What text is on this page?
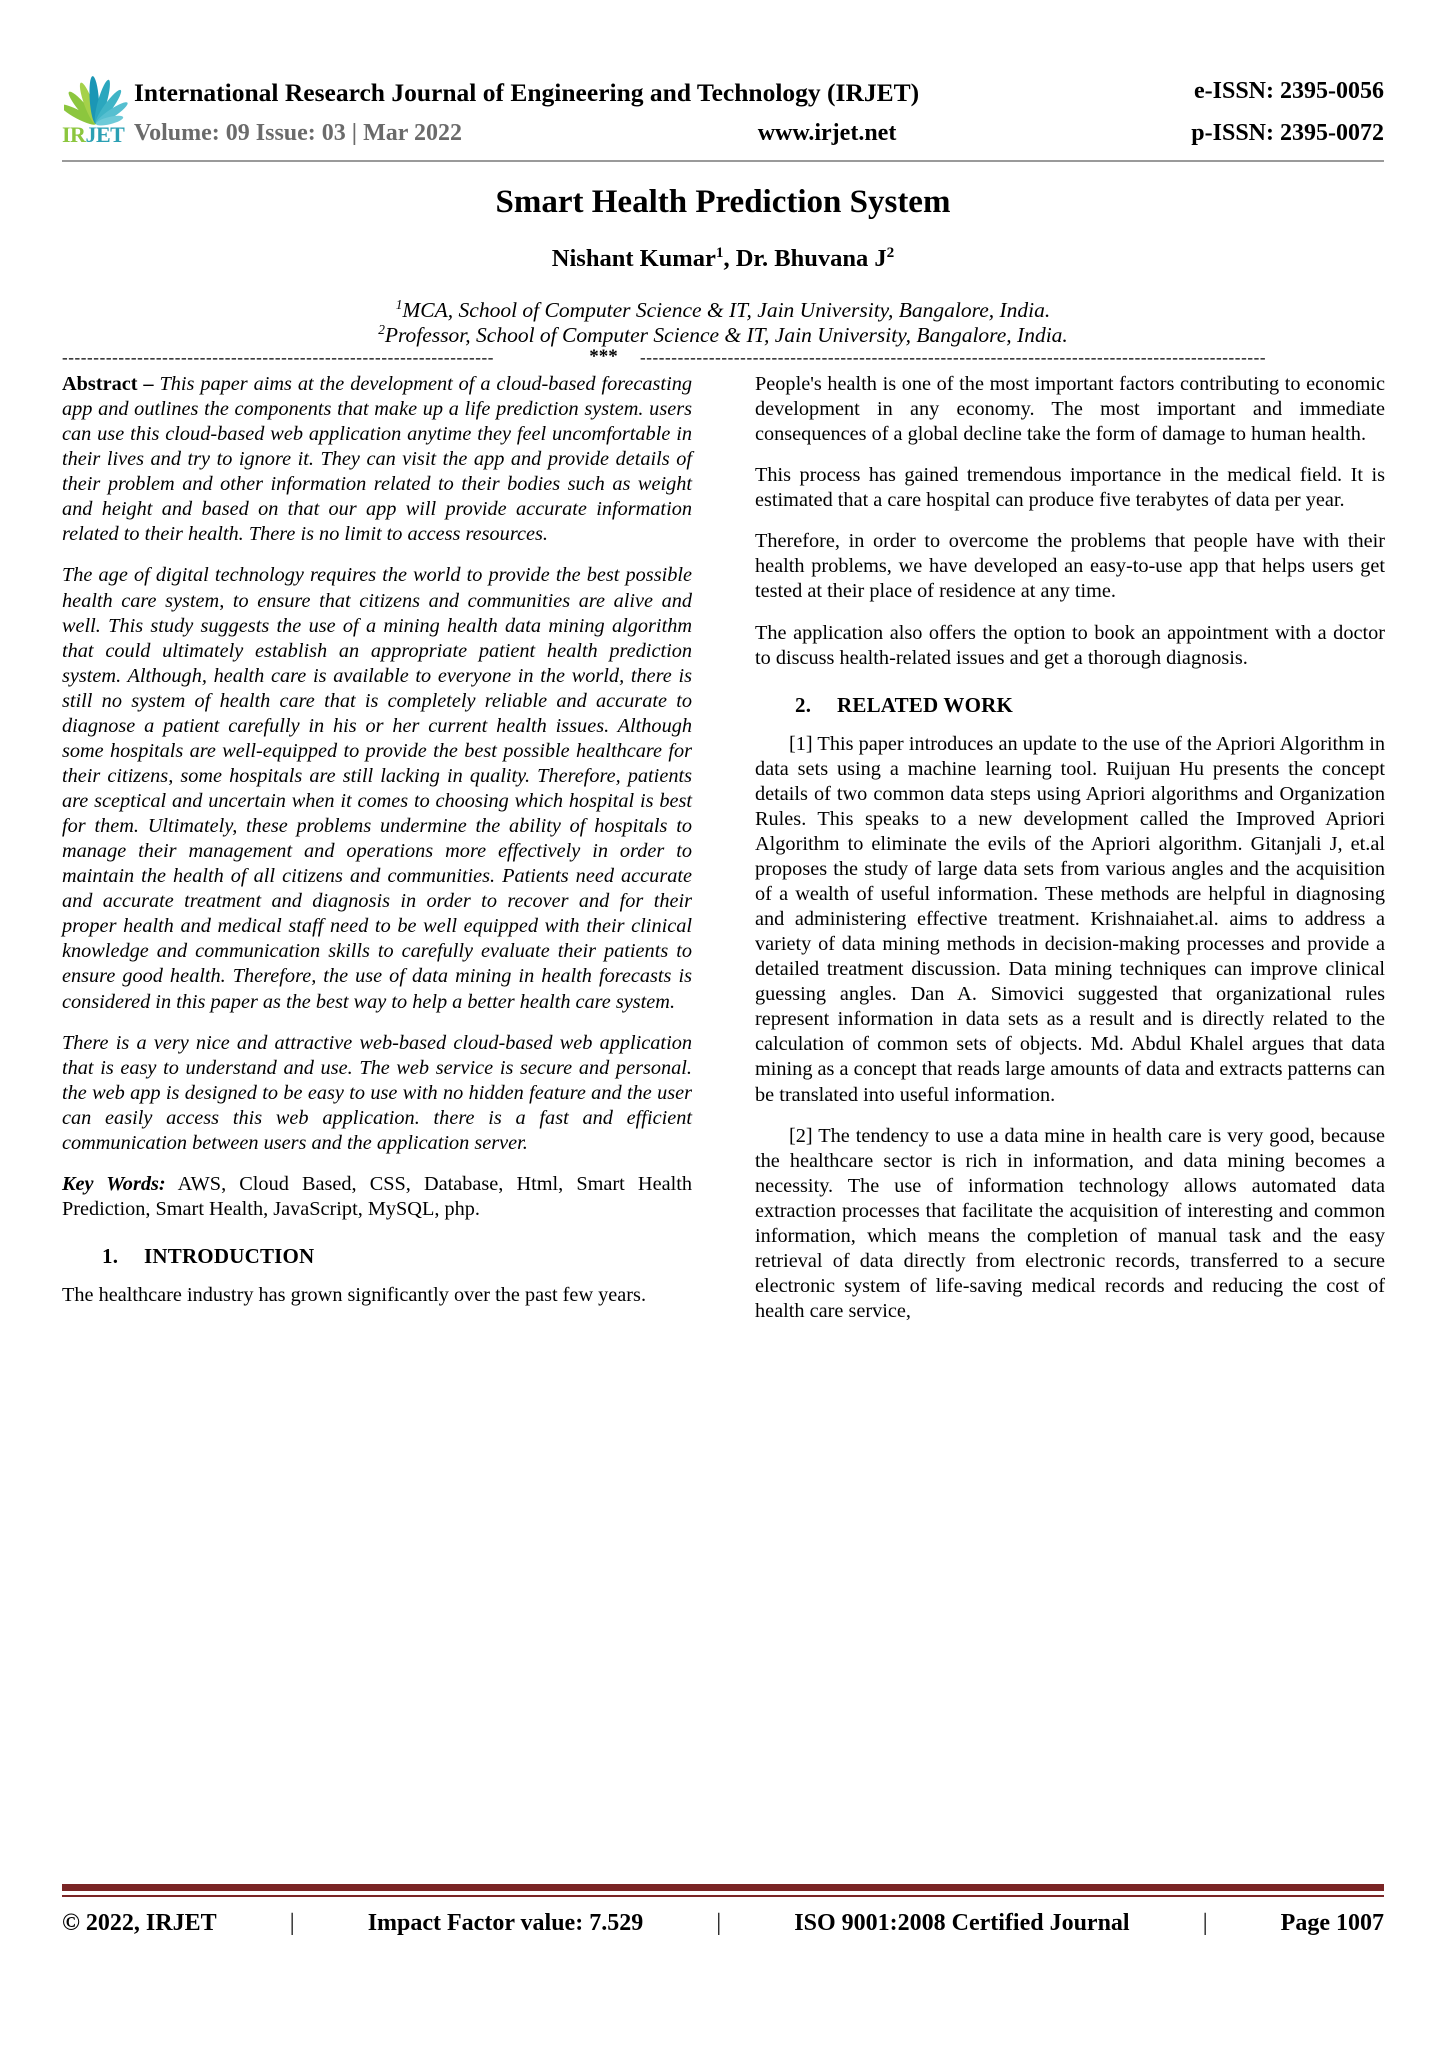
IRJET
International Research Journal of Engineering and Technology (IRJET)
Volume: 09 Issue: 03 | Mar 2022	www.irjet.net
e-ISSN: 2395-0056
p-ISSN: 2395-0072
Smart Health Prediction System
Nishant Kumar$^1$, Dr. Bhuvana $J^2$
$^1$MCA, School of Computer Science & IT, Jain University, Bangalore, India.
$^2$Professor, School of Computer Science & IT, Jain University, Bangalore, India.
---------------------------------------------------------------------	***	----------------------------------------------------------------------------------------------------

Abstract – This paper aims at the development of a cloud-based forecasting app and outlines the components that make up a life prediction system. users can use this cloud-based web application anytime they feel uncomfortable in their lives and try to ignore it. They can visit the app and provide details of their problem and other information related to their bodies such as weight and height and based on that our app will provide accurate information related to their health. There is no limit to access resources.

The age of digital technology requires the world to provide the best possible health care system, to ensure that citizens and communities are alive and well. This study suggests the use of a mining health data mining algorithm that could ultimately establish an appropriate patient health prediction system. Although, health care is available to everyone in the world, there is still no system of health care that is completely reliable and accurate to diagnose a patient carefully in his or her current health issues. Although some hospitals are well-equipped to provide the best possible healthcare for their citizens, some hospitals are still lacking in quality. Therefore, patients are sceptical and uncertain when it comes to choosing which hospital is best for them. Ultimately, these problems undermine the ability of hospitals to manage their management and operations more effectively in order to maintain the health of all citizens and communities. Patients need accurate and accurate treatment and diagnosis in order to recover and for their proper health and medical staff need to be well equipped with their clinical knowledge and communication skills to carefully evaluate their patients to ensure good health. Therefore, the use of data mining in health forecasts is considered in this paper as the best way to help a better health care system.

There is a very nice and attractive web-based cloud-based web application that is easy to understand and use. The web service is secure and personal. the web app is designed to be easy to use with no hidden feature and the user can easily access this web application. there is a fast and efficient communication between users and the application server.

Key Words: AWS, Cloud Based, CSS, Database, Html, Smart Health Prediction, Smart Health, JavaScript, MySQL, php.

1. INTRODUCTION

The healthcare industry has grown significantly over the past few years.

People's health is one of the most important factors contributing to economic development in any economy. The most important and immediate consequences of a global decline take the form of damage to human health.

This process has gained tremendous importance in the medical field. It is estimated that a care hospital can produce five terabytes of data per year.

Therefore, in order to overcome the problems that people have with their health problems, we have developed an easy-to-use app that helps users get tested at their place of residence at any time.

The application also offers the option to book an appointment with a doctor to discuss health-related issues and get a thorough diagnosis.

2. RELATED WORK

[1] This paper introduces an update to the use of the Apriori Algorithm in data sets using a machine learning tool. Ruijuan Hu presents the concept details of two common data steps using Apriori algorithms and Organization Rules. This speaks to a new development called the Improved Apriori Algorithm to eliminate the evils of the Apriori algorithm. Gitanjali J, et.al proposes the study of large data sets from various angles and the acquisition of a wealth of useful information. These methods are helpful in diagnosing and administering effective treatment. Krishnaiahet.al. aims to address a variety of data mining methods in decision-making processes and provide a detailed treatment discussion. Data mining techniques can improve clinical guessing angles. Dan A. Simovici suggested that organizational rules represent information in data sets as a result and is directly related to the calculation of common sets of objects. Md. Abdul Khalel argues that data mining as a concept that reads large amounts of data and extracts patterns can be translated into useful information.

[2] The tendency to use a data mine in health care is very good, because the healthcare sector is rich in information, and data mining becomes a necessity. The use of information technology allows automated data extraction processes that facilitate the acquisition of interesting and common information, which means the completion of manual task and the easy retrieval of data directly from electronic records, transferred to a secure electronic system of life-saving medical records and reducing the cost of health care service,

© 2022, IRJET	|	Impact Factor value: 7.529	|	ISO 9001:2008 Certified Journal	|	Page 1007
